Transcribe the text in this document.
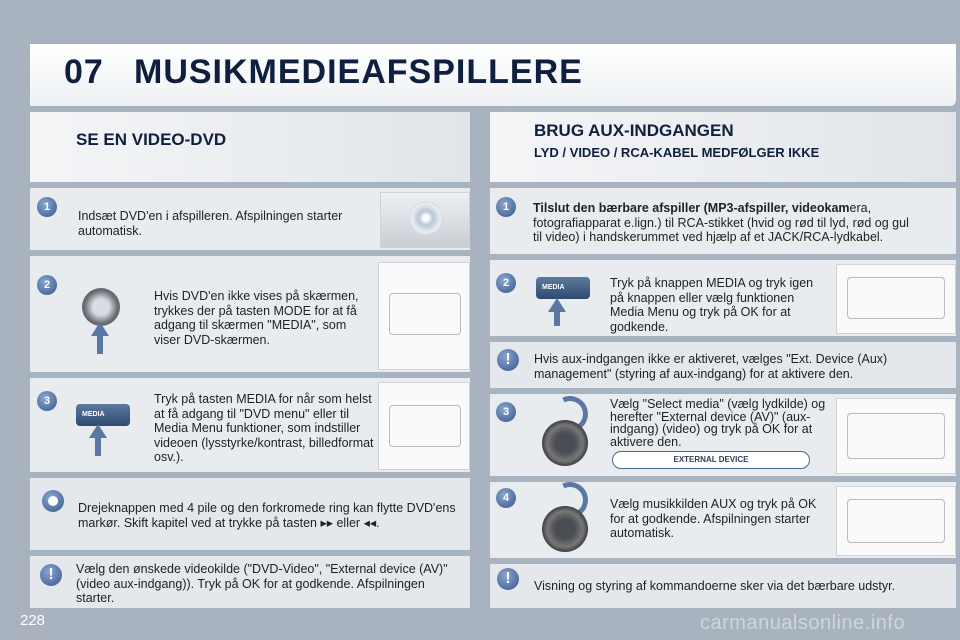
07 MUSIKMEDIEAFSPILLERE
SE EN VIDEO-DVD	BRUG AUX-INDGANGEN
LYD / VIDEO / RCA-KABEL MEDFØLGER IKKE
1
Indsæt DVD'en i afspilleren. Afspilningen starter automatisk.
2
Hvis DVD'en ikke vises på skærmen, trykkes der på tasten MODE for at få adgang til skærmen "MEDIA", som viser DVD-skærmen.
3
MEDIA
Tryk på tasten MEDIA for når som helst at få adgang til "DVD menu" eller til Media Menu funktioner, som indstiller videoen (lysstyrke/kontrast, billedformat osv.).
Drejeknappen med 4 pile og den forkromede ring kan flytte DVD'ens markør. Skift kapitel ved at trykke på tasten ▸▸ eller ◂◂.
!	Vælg den ønskede videokilde ("DVD-Video", "External device (AV)" (video aux-indgang)). Tryk på OK for at godkende. Afspilningen starter.
1	Tilslut den bærbare afspiller (MP3-afspiller, videokamera, fotografiapparat e.lign.) til RCA-stikket (hvid og rød til lyd, rød og gul til video) i handskerummet ved hjælp af et JACK/RCA-lydkabel.
2	MEDIA	Tryk på knappen MEDIA og tryk igen på knappen eller vælg funktionen Media Menu og tryk på OK for at godkende.
!	Hvis aux-indgangen ikke er aktiveret, vælges "Ext. Device (Aux) management" (styring af aux-indgang) for at aktivere den.
3
Vælg "Select media" (vælg lydkilde) og herefter "External device (AV)" (aux-indgang) (video) og tryk på OK for at aktivere den.
EXTERNAL DEVICE
4	Vælg musikkilden AUX og tryk på OK for at godkende. Afspilningen starter automatisk.
!	Visning og styring af kommandoerne sker via det bærbare udstyr.
228	carmanualsonline.info
